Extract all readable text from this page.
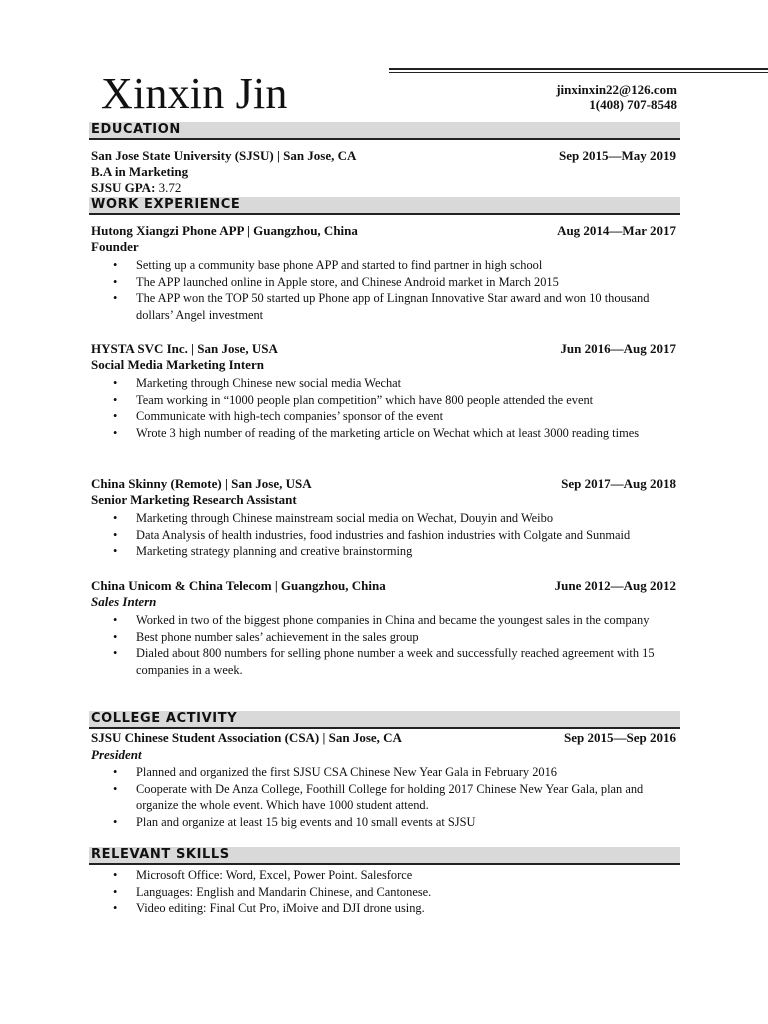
Xinxin Jin	jinxinxin22@126.com
1(408) 707-8548
EDUCATION
San Jose State University (SJSU) | San Jose, CA	Sep 2015—May 2019
B.A in Marketing
SJSU GPA: 3.72
WORK EXPERIENCE
Hutong Xiangzi Phone APP | Guangzhou, China	Aug 2014—Mar 2017
Founder
• Setting up a community base phone APP and started to find partner in high school
• The APP launched online in Apple store, and Chinese Android market in March 2015
• The APP won the TOP 50 started up Phone app of Lingnan Innovative Star award and won 10 thousand dollars’ Angel investment
HYSTA SVC Inc. | San Jose, USA	Jun 2016—Aug 2017
Social Media Marketing Intern
• Marketing through Chinese new social media Wechat
• Team working in “1000 people plan competition” which have 800 people attended the event
• Communicate with high-tech companies’ sponsor of the event
• Wrote 3 high number of reading of the marketing article on Wechat which at least 3000 reading times
China Skinny (Remote) | San Jose, USA	Sep 2017—Aug 2018
Senior Marketing Research Assistant
• Marketing through Chinese mainstream social media on Wechat, Douyin and Weibo
• Data Analysis of health industries, food industries and fashion industries with Colgate and Sunmaid
• Marketing strategy planning and creative brainstorming
China Unicom & China Telecom | Guangzhou, China	June 2012—Aug 2012
Sales Intern
• Worked in two of the biggest phone companies in China and became the youngest sales in the company
• Best phone number sales’ achievement in the sales group
• Dialed about 800 numbers for selling phone number a week and successfully reached agreement with 15 companies in a week.
COLLEGE ACTIVITY
SJSU Chinese Student Association (CSA) | San Jose, CA	Sep 2015—Sep 2016
President
• Planned and organized the first SJSU CSA Chinese New Year Gala in February 2016
• Cooperate with De Anza College, Foothill College for holding 2017 Chinese New Year Gala, plan and organize the whole event. Which have 1000 student attend.
• Plan and organize at least 15 big events and 10 small events at SJSU
RELEVANT SKILLS
• Microsoft Office: Word, Excel, Power Point. Salesforce
• Languages: English and Mandarin Chinese, and Cantonese.
• Video editing: Final Cut Pro, iMoive and DJI drone using.
